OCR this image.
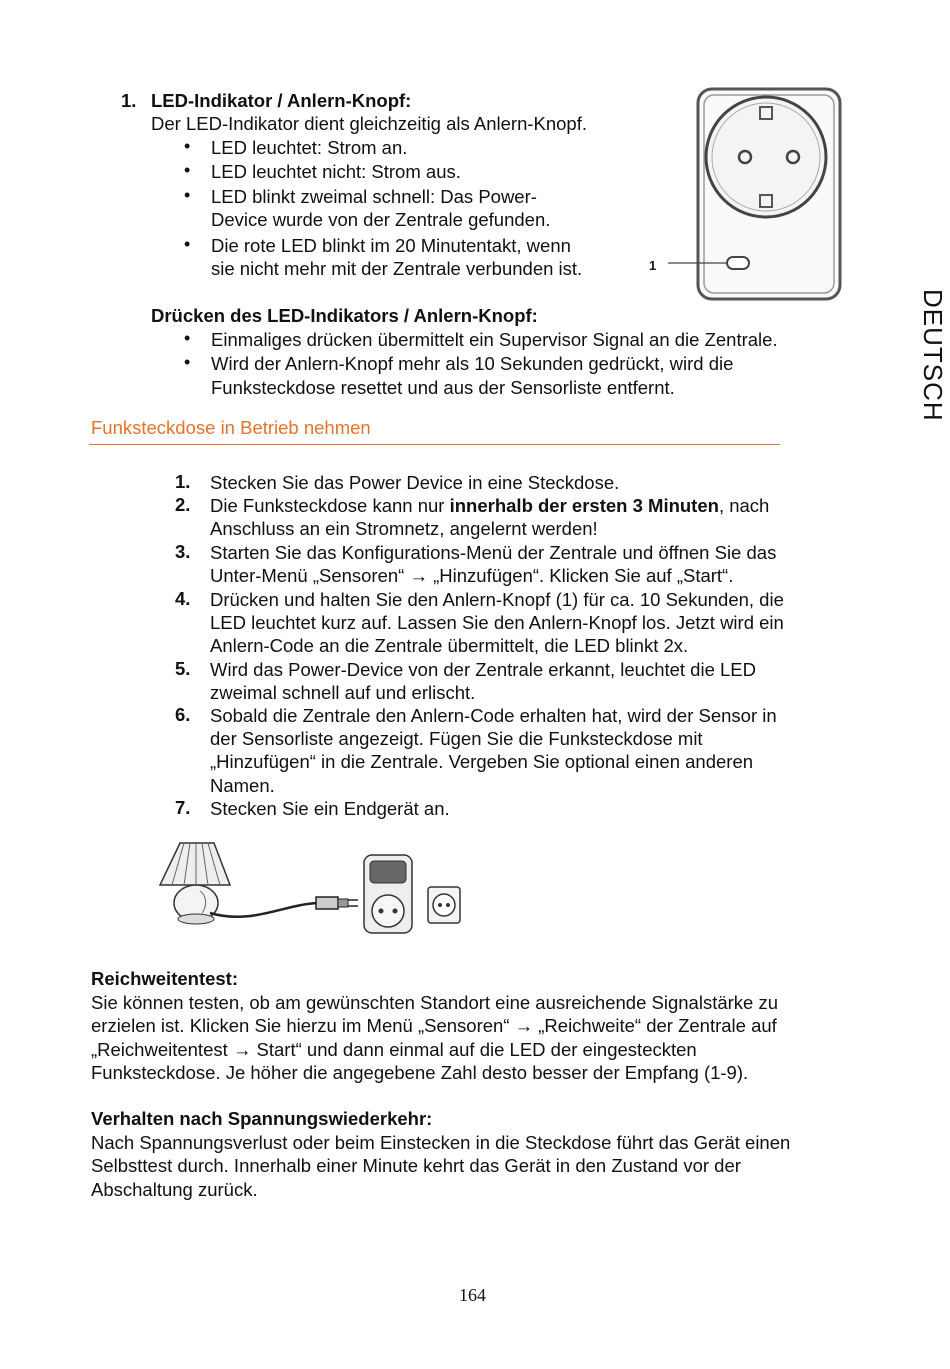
DEUTSCH
1. LED-Indikator / Anlern-Knopf:
Der LED-Indikator dient gleichzeitig als Anlern-Knopf.
• LED leuchtet: Strom an.
• LED leuchtet nicht: Strom aus.
• LED blinkt zweimal schnell: Das Power-
Device wurde von der Zentrale gefunden.
• Die rote LED blinkt im 20 Minutentakt, wenn
sie nicht mehr mit der Zentrale verbunden ist.	1
Drücken des LED-Indikators / Anlern-Knopf:
• Einmaliges drücken übermittelt ein Supervisor Signal an die Zentrale.
• Wird der Anlern-Knopf mehr als 10 Sekunden gedrückt, wird die
Funksteckdose resettet und aus der Sensorliste entfernt.
Funksteckdose in Betrieb nehmen
1. Stecken Sie das Power Device in eine Steckdose.
2. Die Funksteckdose kann nur innerhalb der ersten 3 Minuten, nach
Anschluss an ein Stromnetz, angelernt werden!
3. Starten Sie das Konfigurations-Menü der Zentrale und öffnen Sie das
Unter-Menü „Sensoren“ → „Hinzufügen“. Klicken Sie auf „Start“.
4. Drücken und halten Sie den Anlern-Knopf (1) für ca. 10 Sekunden, die
LED leuchtet kurz auf. Lassen Sie den Anlern-Knopf los. Jetzt wird ein
Anlern-Code an die Zentrale übermittelt, die LED blinkt 2x.
5. Wird das Power-Device von der Zentrale erkannt, leuchtet die LED
zweimal schnell auf und erlischt.
6. Sobald die Zentrale den Anlern-Code erhalten hat, wird der Sensor in
der Sensorliste angezeigt. Fügen Sie die Funksteckdose mit
„Hinzufügen“ in die Zentrale. Vergeben Sie optional einen anderen
Namen.
7. Stecken Sie ein Endgerät an.
Reichweitentest:
Sie können testen, ob am gewünschten Standort eine ausreichende Signalstärke zu
erzielen ist. Klicken Sie hierzu im Menü „Sensoren“ → „Reichweite“ der Zentrale auf
„Reichweitentest → Start“ und dann einmal auf die LED der eingesteckten
Funksteckdose. Je höher die angegebene Zahl desto besser der Empfang (1-9).
Verhalten nach Spannungswiederkehr:
Nach Spannungsverlust oder beim Einstecken in die Steckdose führt das Gerät einen
Selbsttest durch. Innerhalb einer Minute kehrt das Gerät in den Zustand vor der
Abschaltung zurück.
164
